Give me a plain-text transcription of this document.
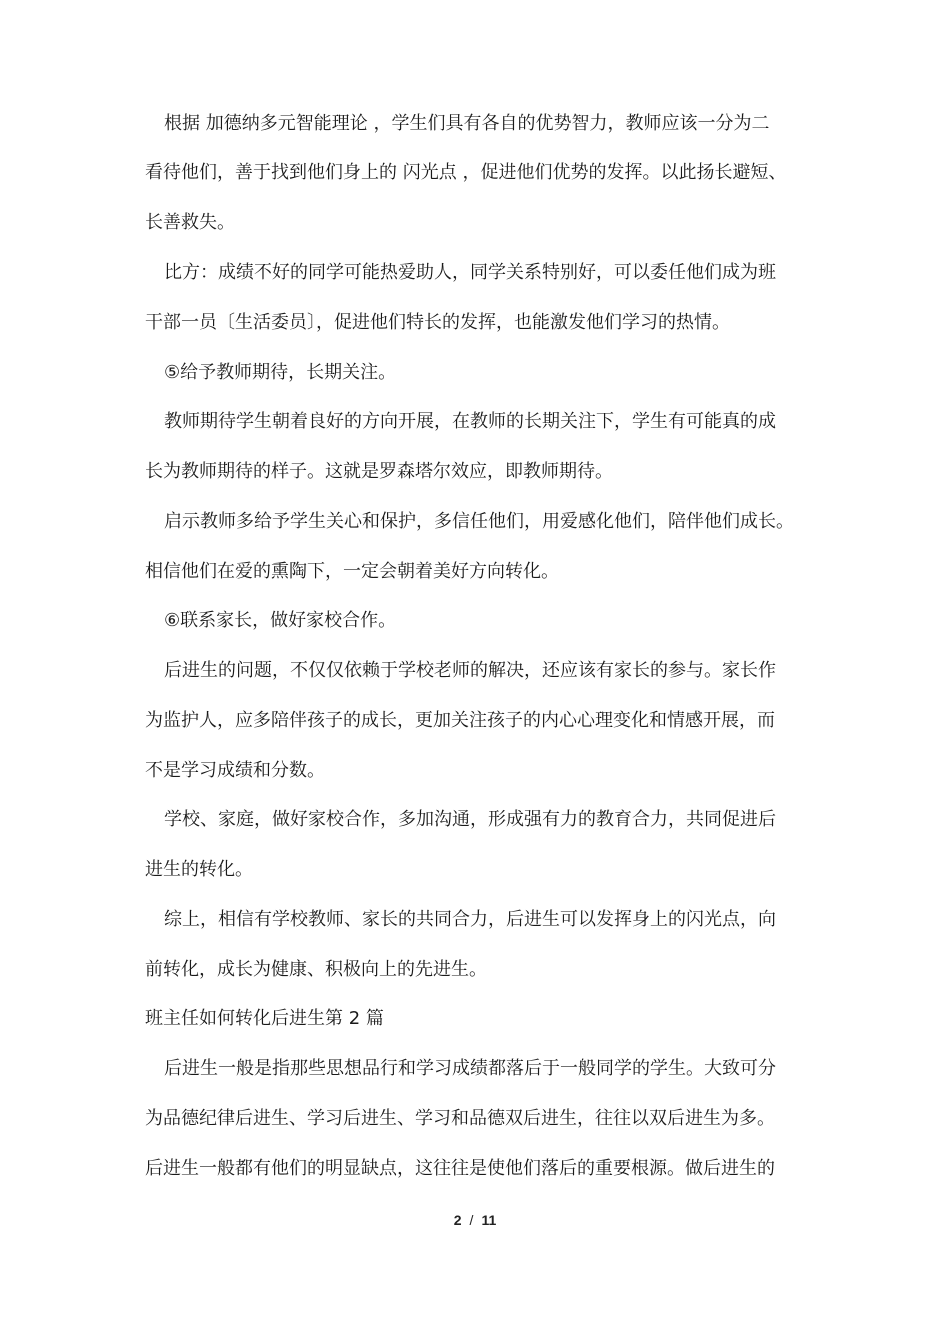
根据 加德纳多元智能理论 ，学生们具有各自的优势智力，教师应该一分为二
看待他们，善于找到他们身上的 闪光点 ，促进他们优势的发挥。以此扬长避短、
长善救失。
比方：成绩不好的同学可能热爱助人，同学关系特别好，可以委任他们成为班
干部一员〔生活委员〕，促进他们特长的发挥，也能激发他们学习的热情。
⑤给予教师期待，长期关注。
教师期待学生朝着良好的方向开展，在教师的长期关注下，学生有可能真的成
长为教师期待的样子。这就是罗森塔尔效应，即教师期待。
启示教师多给予学生关心和保护，多信任他们，用爱感化他们，陪伴他们成长。
相信他们在爱的熏陶下，一定会朝着美好方向转化。
⑥联系家长，做好家校合作。
后进生的问题，不仅仅依赖于学校老师的解决，还应该有家长的参与。家长作
为监护人，应多陪伴孩子的成长，更加关注孩子的内心心理变化和情感开展，而
不是学习成绩和分数。
学校、家庭，做好家校合作，多加沟通，形成强有力的教育合力，共同促进后
进生的转化。
综上，相信有学校教师、家长的共同合力，后进生可以发挥身上的闪光点，向
前转化，成长为健康、积极向上的先进生。
班主任如何转化后进生第 2 篇
后进生一般是指那些思想品行和学习成绩都落后于一般同学的学生。大致可分
为品德纪律后进生、学习后进生、学习和品德双后进生，往往以双后进生为多。
后进生一般都有他们的明显缺点，这往往是使他们落后的重要根源。做后进生的
2 / 11
